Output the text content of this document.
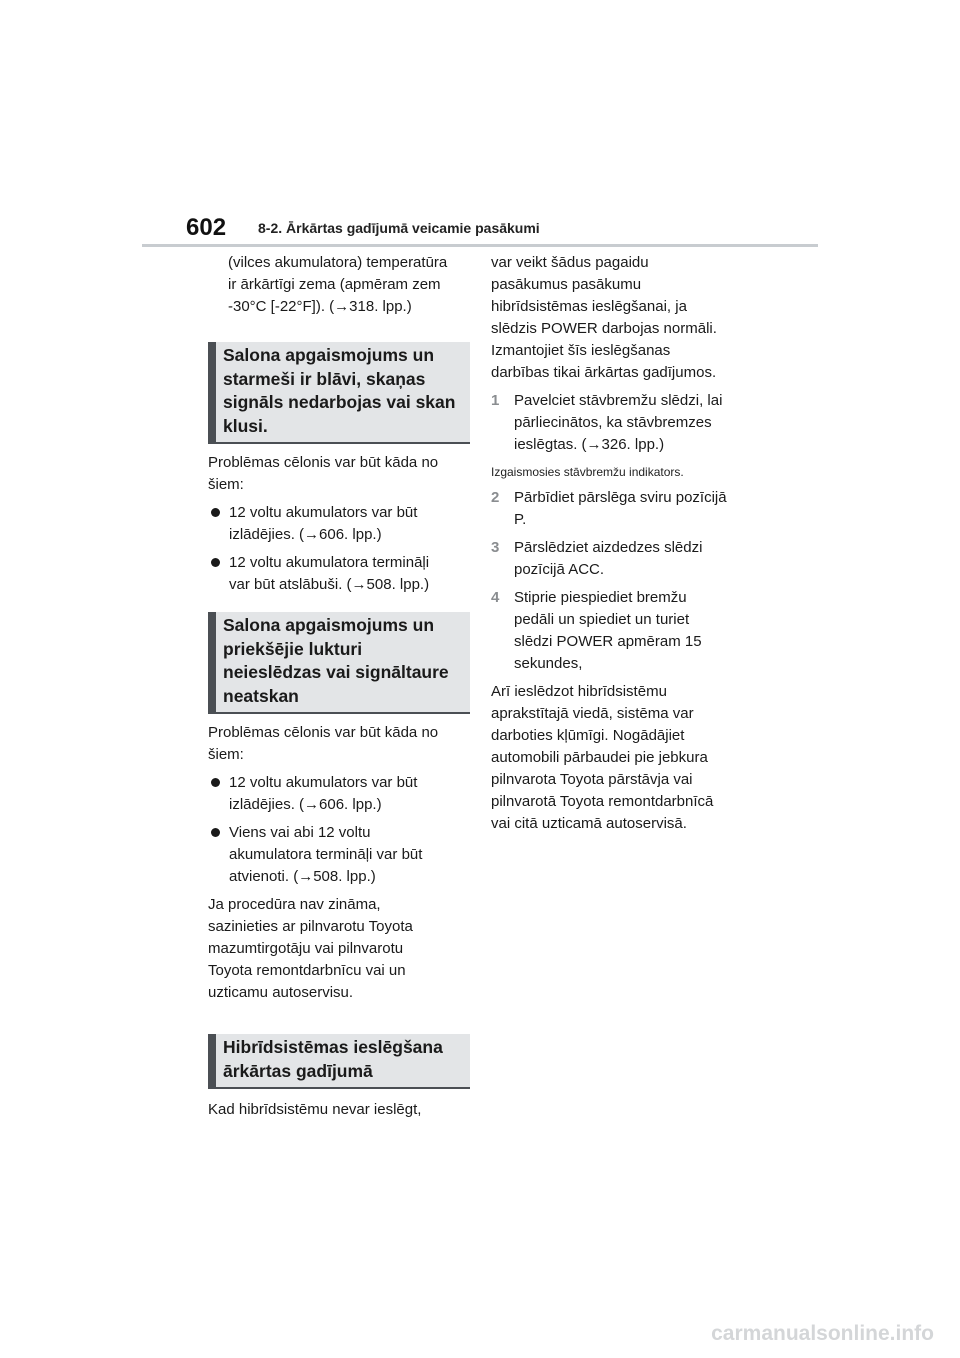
602 8-2. Ārkārtas gadījumā veicamie pasākumi

(vilces akumulatora) temperatūra

ir ārkārtīgi zema (apmēram zem

-30°C [-22°F]). (→318. lpp.)

Salona apgaismojums un
starmeši ir blāvi, skaņas
signāls nedarbojas vai skan
klusi.

Problēmas cēlonis var būt kāda no

šiem:

12 voltu akumulators var būt

izlādējies. (→606. lpp.)

12 voltu akumulatora termināļi

var būt atslābuši. (→508. lpp.)

Salona apgaismojums un
priekšējie lukturi
neieslēdzas vai signāltaure
neatskan

Problēmas cēlonis var būt kāda no

šiem:

12 voltu akumulators var būt

izlādējies. (→606. lpp.)

Viens vai abi 12 voltu

akumulatora termināļi var būt

atvienoti. (→508. lpp.)

Ja procedūra nav zināma,

sazinieties ar pilnvarotu Toyota

mazumtirgotāju vai pilnvarotu

Toyota remontdarbnīcu vai un

uzticamu autoservisu.

Hibrīdsistēmas ieslēgšana
ārkārtas gadījumā

Kad hibrīdsistēmu nevar ieslēgt,

var veikt šādus pagaidu

pasākumus pasākumu

hibrīdsistēmas ieslēgšanai, ja

slēdzis POWER darbojas normāli.

Izmantojiet šīs ieslēgšanas

darbības tikai ārkārtas gadījumos.

1 Pavelciet stāvbremžu slēdzi, lai

pārliecinātos, ka stāvbremzes

ieslēgtas. (→326. lpp.)

Izgaismosies stāvbremžu indikators.

2 Pārbīdiet pārslēga sviru pozīcijā

P.

3 Pārslēdziet aizdedzes slēdzi

pozīcijā ACC.

4 Stiprie piespiediet bremžu

pedāli un spiediet un turiet

slēdzi POWER apmēram 15

sekundes,

Arī ieslēdzot hibrīdsistēmu

aprakstītajā viedā, sistēma var

darboties kļūmīgi. Nogādājiet

automobili pārbaudei pie jebkura

pilnvarota Toyota pārstāvja vai

pilnvarotā Toyota remontdarbnīcā

vai citā uzticamā autoservisā.

carmanualsonline.info
